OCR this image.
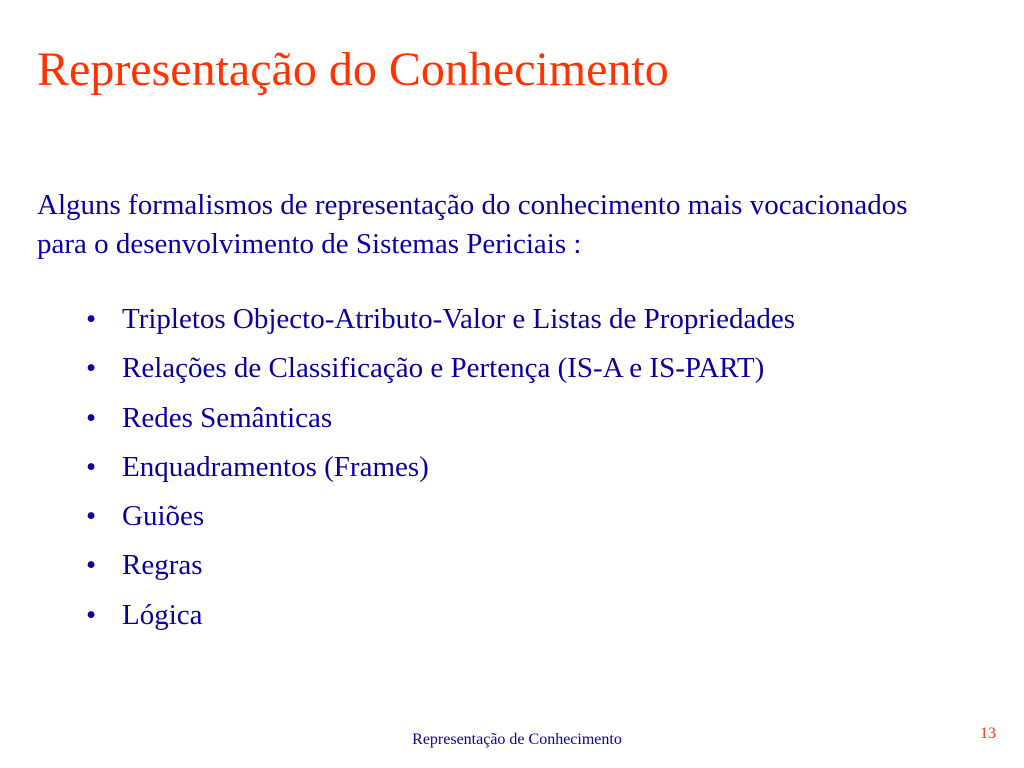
Representação do Conhecimento

Alguns formalismos de representação do conhecimento mais vocacionados para o desenvolvimento de Sistemas Periciais :

• Tripletos Objecto-Atributo-Valor e Listas de Propriedades
• Relações de Classificação e Pertença (IS-A e IS-PART)
• Redes Semânticas
• Enquadramentos (Frames)
• Guiões
• Regras
• Lógica
Representação de Conhecimento	13
